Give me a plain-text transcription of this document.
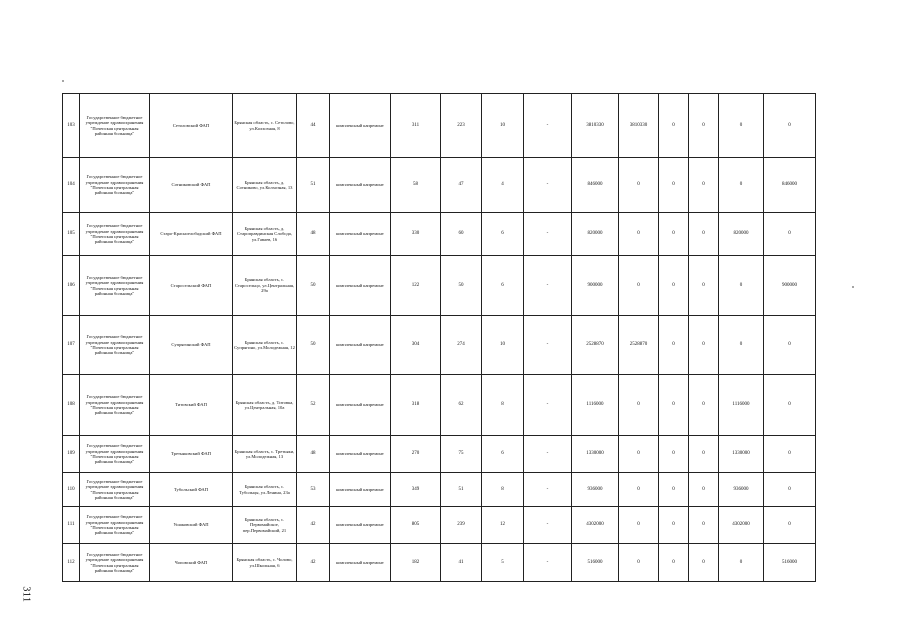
103	Государственное бюджетное учреждение здравоохранения "Почепская центральная районная больница"	Сетоловский ФАП	Брянская область, с. Сетолово, ул.Колхозная, 8	44	комплексный капремонт	311	223	10	-	3810330	3810330	0	0	0	0
104	Государственное бюджетное учреждение здравоохранения "Почепская центральная районная больница"	Сотниковский ФАП	Брянская область, д. Сотниково, ул.Колхозная, 13	51	комплексный капремонт	58	47	4	-	846000	0	0	0	0	846000
105	Государственное бюджетное учреждение здравоохранения "Почепская центральная районная больница"	Старо-Красноелобадский ФАП	Брянская область, д. Староправдинская Слобода, ул.Гаваев, 16	48	комплексный капремонт	330	60	6	-	820000	0	0	0	820000	0
106	Государственное бюджетное учреждение здравоохранения "Почепская центральная районная больница"	Старосельский ФАП	Брянская область, с. Старосельцо, ул.Центральная, 29а	50	комплексный капремонт	122	50	6	-	900000	0	0	0	0	900000
107	Государственное бюджетное учреждение здравоохранения "Почепская центральная районная больница"	Супрягинский ФАП	Брянская область, с. Супрягино, ул.Молодежная, 12	50	комплексный капремонт	304	274	10	-	2528870	2528870	0	0	0	0
108	Государственное бюджетное учреждение здравоохранения "Почепская центральная районная больница"	Титовский ФАП	Брянская область, д. Титовка, ул.Центральная, 10а	52	комплексный капремонт	318	62	8	-	1116000	0	0	0	1116000	0
109	Государственное бюджетное учреждение здравоохранения "Почепская центральная районная больница"	Третьяковский ФАП	Брянская область, с. Третьяки, ул.Молодежная, 13	48	комплексный капремонт	270	75	6	-	1330000	0	0	0	1330000	0
110	Государственное бюджетное учреждение здравоохранения "Почепская центральная районная больница"	Тубольский ФАП	Брянская область, с. Тубольцы, ул.Ленина, 23а	53	комплексный капремонт	349	51	8	-	936000	0	0	0	936000	0
111	Государственное бюджетное учреждение здравоохранения "Почепская центральная районная больница"	Ушаковский ФАП	Брянская область, с. Первомайское, пер.Первомайский, 21	42	комплексный капремонт	805	239	12	-	4302000	0	0	0	4302000	0
112	Государственное бюджетное учреждение здравоохранения "Почепская центральная районная больница"	Чоповский ФАП	Брянская область, с. Чолово, ул.Школьная, 6	42	комплексный капремонт	182	41	5	-	516000	0	0	0	0	516000
311
